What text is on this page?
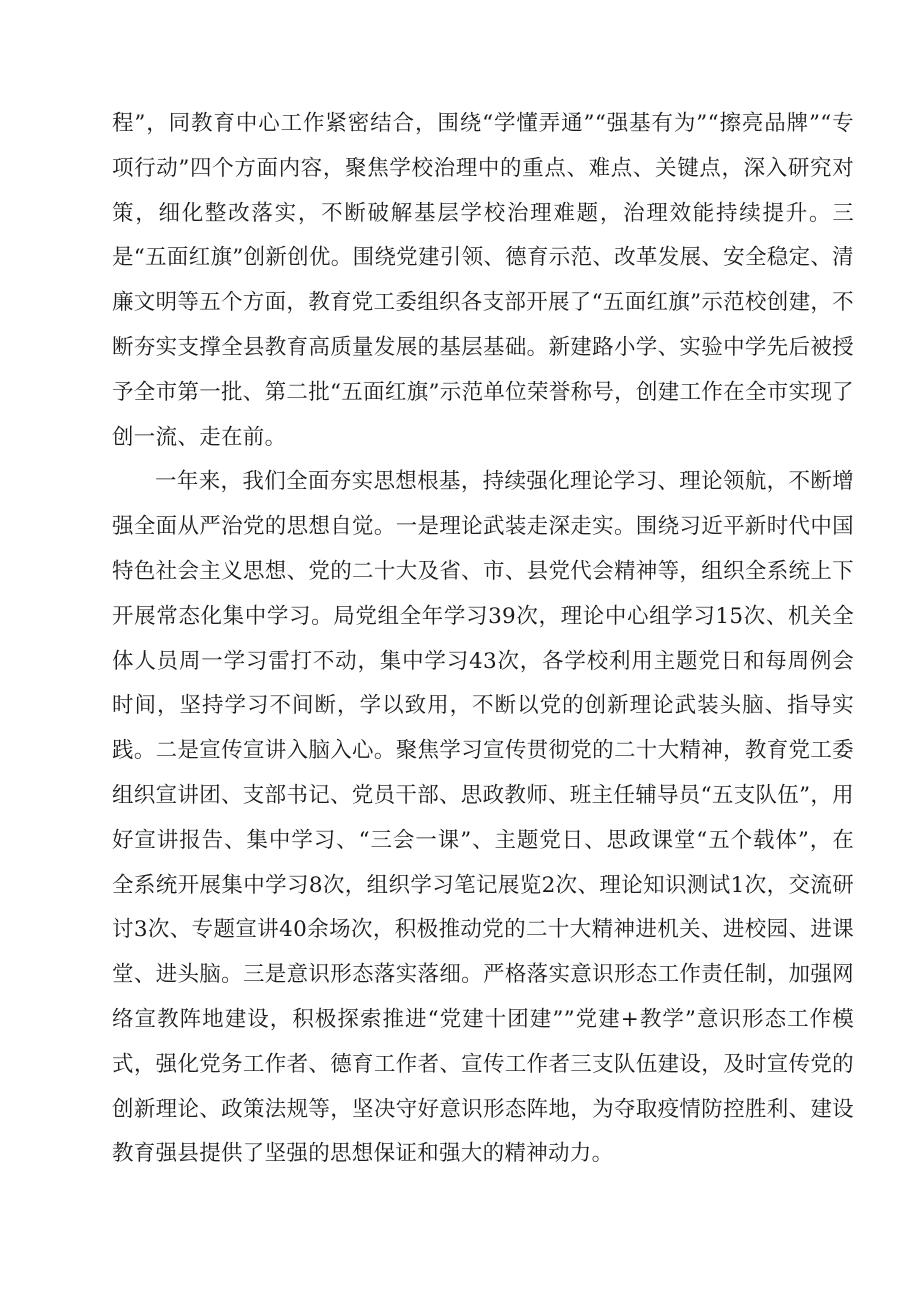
程”，同教育中心工作紧密结合，围绕“学懂弄通”“强基有为”“擦亮品牌”“专项行动”四个方面内容，聚焦学校治理中的重点、难点、关键点，深入研究对策，细化整改落实，不断破解基层学校治理难题，治理效能持续提升。三是“五面红旗”创新创优。围绕党建引领、德育示范、改革发展、安全稳定、清廉文明等五个方面，教育党工委组织各支部开展了“五面红旗”示范校创建，不断夯实支撑全县教育高质量发展的基层基础。新建路小学、实验中学先后被授予全市第一批、第二批“五面红旗”示范单位荣誉称号，创建工作在全市实现了创一流、走在前。

一年来，我们全面夯实思想根基，持续强化理论学习、理论领航，不断增强全面从严治党的思想自觉。一是理论武装走深走实。围绕习近平新时代中国特色社会主义思想、党的二十大及省、市、县党代会精神等，组织全系统上下开展常态化集中学习。局党组全年学习39次，理论中心组学习15次、机关全体人员周一学习雷打不动，集中学习43次，各学校利用主题党日和每周例会时间，坚持学习不间断，学以致用，不断以党的创新理论武装头脑、指导实践。二是宣传宣讲入脑入心。聚焦学习宣传贯彻党的二十大精神，教育党工委组织宣讲团、支部书记、党员干部、思政教师、班主任辅导员“五支队伍”，用好宣讲报告、集中学习、“三会一课”、主题党日、思政课堂“五个载体”，在全系统开展集中学习8次，组织学习笔记展览2次、理论知识测试1次，交流研讨3次、专题宣讲40余场次，积极推动党的二十大精神进机关、进校园、进课堂、进头脑。三是意识形态落实落细。严格落实意识形态工作责任制，加强网络宣教阵地建设，积极探索推进“党建十团建””党建+教学”意识形态工作模式，强化党务工作者、德育工作者、宣传工作者三支队伍建设，及时宣传党的创新理论、政策法规等，坚决守好意识形态阵地，为夺取疫情防控胜利、建设教育强县提供了坚强的思想保证和强大的精神动力。
